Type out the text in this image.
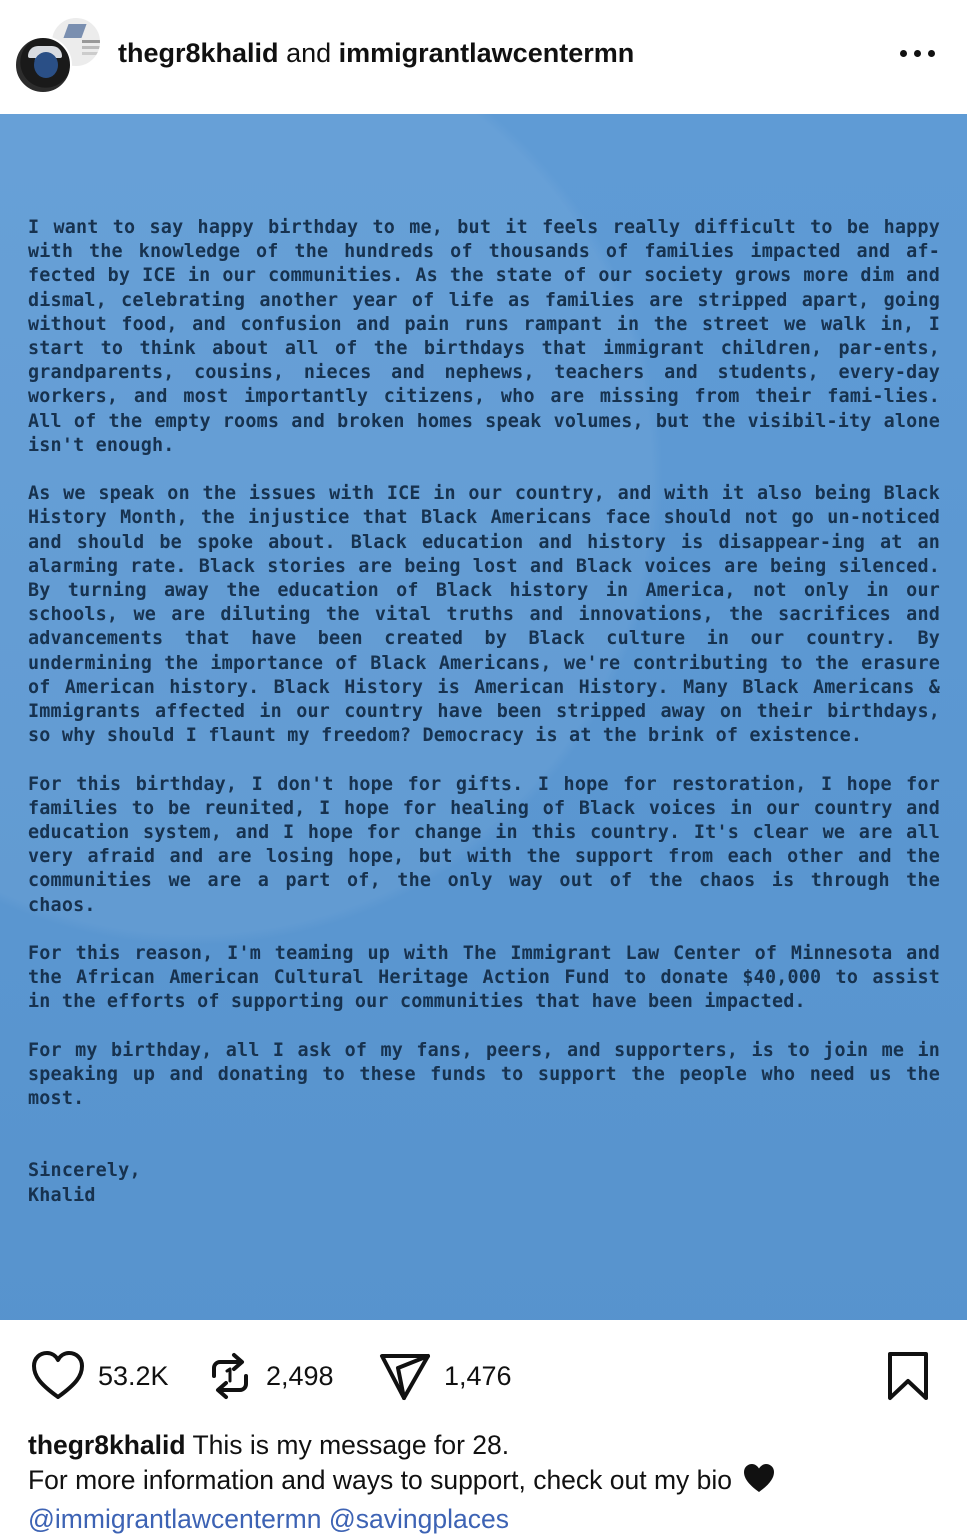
thegr8khalid and immigrantlawcentermn

I want to say happy birthday to me, but it feels really difficult to be happy with the knowledge of the hundreds of thousands of families impacted and af-fected by ICE in our communities. As the state of our society grows more dim and dismal, celebrating another year of life as families are stripped apart, going without food, and confusion and pain runs rampant in the street we walk in, I start to think about all of the birthdays that immigrant children, par-ents, grandparents, cousins, nieces and nephews, teachers and students, every-day workers, and most importantly citizens, who are missing from their fami-lies. All of the empty rooms and broken homes speak volumes, but the visibil-ity alone isn't enough.

As we speak on the issues with ICE in our country, and with it also being Black History Month, the injustice that Black Americans face should not go un-noticed and should be spoke about. Black education and history is disappear-ing at an alarming rate. Black stories are being lost and Black voices are being silenced. By turning away the education of Black history in America, not only in our schools, we are diluting the vital truths and innovations, the sacrifices and advancements that have been created by Black culture in our country. By undermining the importance of Black Americans, we're contributing to the erasure of American history. Black History is American History. Many Black Americans & Immigrants affected in our country have been stripped away on their birthdays, so why should I flaunt my freedom? Democracy is at the brink of existence.

For this birthday, I don't hope for gifts. I hope for restoration, I hope for families to be reunited, I hope for healing of Black voices in our country and education system, and I hope for change in this country. It's clear we are all very afraid and are losing hope, but with the support from each other and the communities we are a part of, the only way out of the chaos is through the chaos.

For this reason, I'm teaming up with The Immigrant Law Center of Minnesota and the African American Cultural Heritage Action Fund to donate $40,000 to assist in the efforts of supporting our communities that have been impacted.

For my birthday, all I ask of my fans, peers, and supporters, is to join me in speaking up and donating to these funds to support the people who need us the most.

Sincerely,
Khalid
53.2K	2,498	1,476
thegr8khalid This is my message for 28.
For more information and ways to support, check out my bio
@immigrantlawcentermn @savingplaces
